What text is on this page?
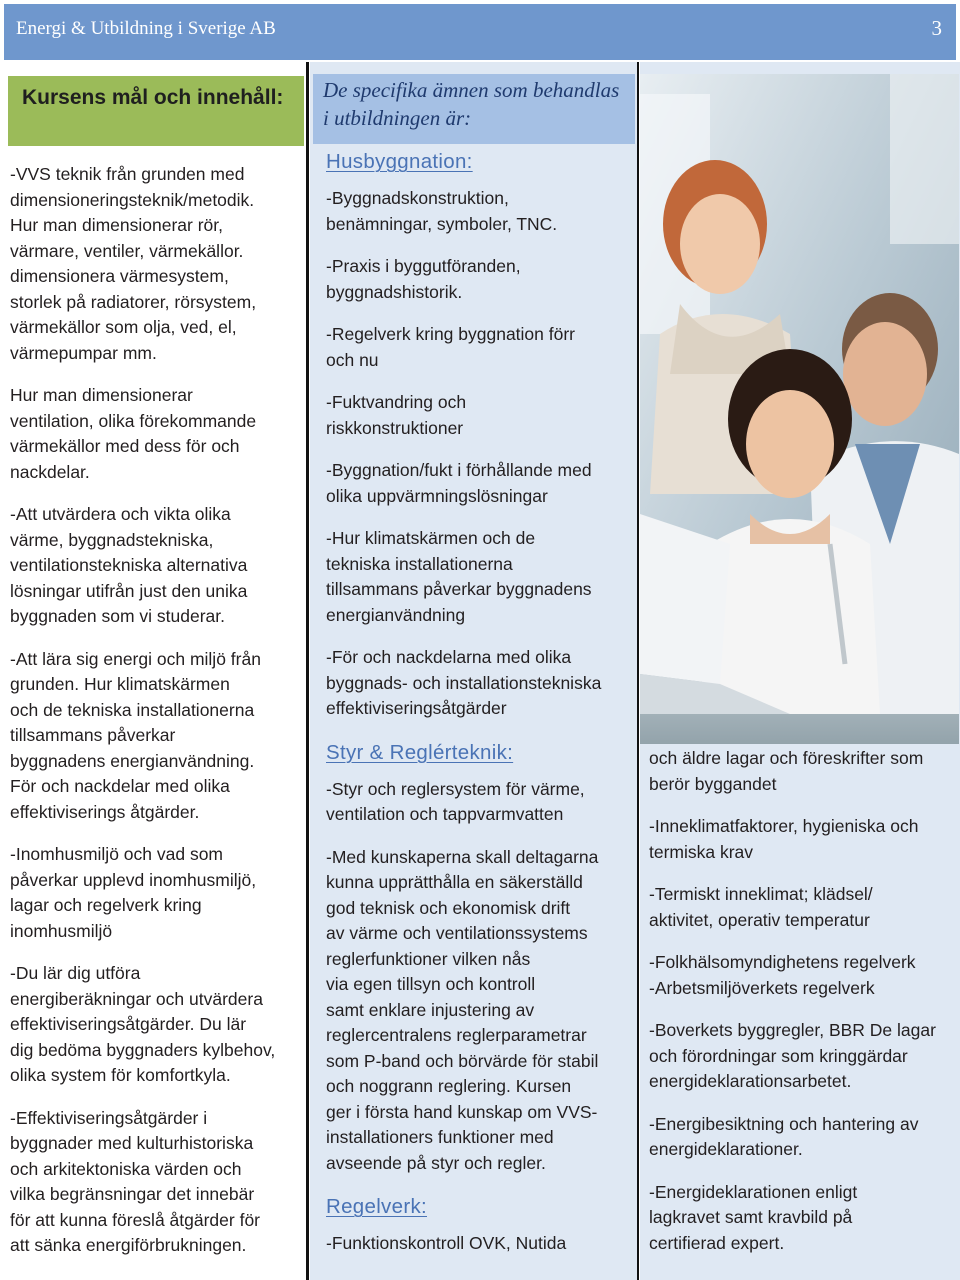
Energi & Utbildning i Sverige AB	3
Kursens mål och innehåll:
-VVS teknik från grunden med
dimensioneringsteknik/metodik.
Hur man dimensionerar rör,
värmare, ventiler, värmekällor.
dimensionera värmesystem,
storlek på radiatorer, rörsystem,
värmekällor som olja, ved, el,
värmepumpar mm.
Hur man dimensionerar
ventilation, olika förekommande
värmekällor med dess för och
nackdelar.
-Att utvärdera och vikta olika
värme, byggnadstekniska,
ventilationstekniska alternativa
lösningar utifrån just den unika
byggnaden som vi studerar.
-Att lära sig energi och miljö från
grunden. Hur klimatskärmen
och de tekniska installationerna
tillsammans påverkar
byggnadens energianvändning.
För och nackdelar med olika
effektiviserings åtgärder.
-Inomhusmiljö och vad som
påverkar upplevd inomhusmiljö,
lagar och regelverk kring
inomhusmiljö
-Du lär dig utföra
energiberäkningar och utvärdera
effektiviseringsåtgärder. Du lär
dig bedöma byggnaders kylbehov,
olika system för komfortkyla.
-Effektiviseringsåtgärder i
byggnader med kulturhistoriska
och arkitektoniska värden och
vilka begränsningar det innebär
för att kunna föreslå åtgärder för
att sänka energiförbrukningen.
De specifika ämnen som behandlas i utbildningen är:
Husbyggnation:
-Byggnadskonstruktion,
benämningar, symboler, TNC.
-Praxis i byggutföranden,
byggnadshistorik.
-Regelverk kring byggnation förr
och nu
-Fuktvandring och
riskkonstruktioner
-Byggnation/fukt i förhållande med
olika uppvärmningslösningar
-Hur klimatskärmen och de
tekniska installationerna
tillsammans påverkar byggnadens
energianvändning
-För och nackdelarna med olika
byggnads- och installationstekniska
effektiviseringsåtgärder
Styr & Reglérteknik:
-Styr och reglersystem för värme,
ventilation och tappvarmvatten
-Med kunskaperna skall deltagarna
kunna upprätthålla en säkerställd
god teknisk och ekonomisk drift
av värme och ventilationssystems
reglerfunktioner vilken nås
via egen tillsyn och kontroll
samt enklare injustering av
reglercentralens reglerparametrar
som P-band och börvärde för stabil
och noggrann reglering. Kursen
ger i första hand kunskap om VVS-
installationers funktioner med
avseende på styr och regler.
Regelverk:
-Funktionskontroll OVK, Nutida
och äldre lagar och föreskrifter som
berör byggandet
-Inneklimatfaktorer, hygieniska och
termiska krav
-Termiskt inneklimat; klädsel/
aktivitet, operativ temperatur
-Folkhälsomyndighetens regelverk
-Arbetsmiljöverkets regelverk
-Boverkets byggregler, BBR De lagar
och förordningar som kringgärdar
energideklarationsarbetet.
-Energibesiktning och hantering av
energideklarationer.
-Energideklarationen enligt
lagkravet samt kravbild på
certifierad expert.
